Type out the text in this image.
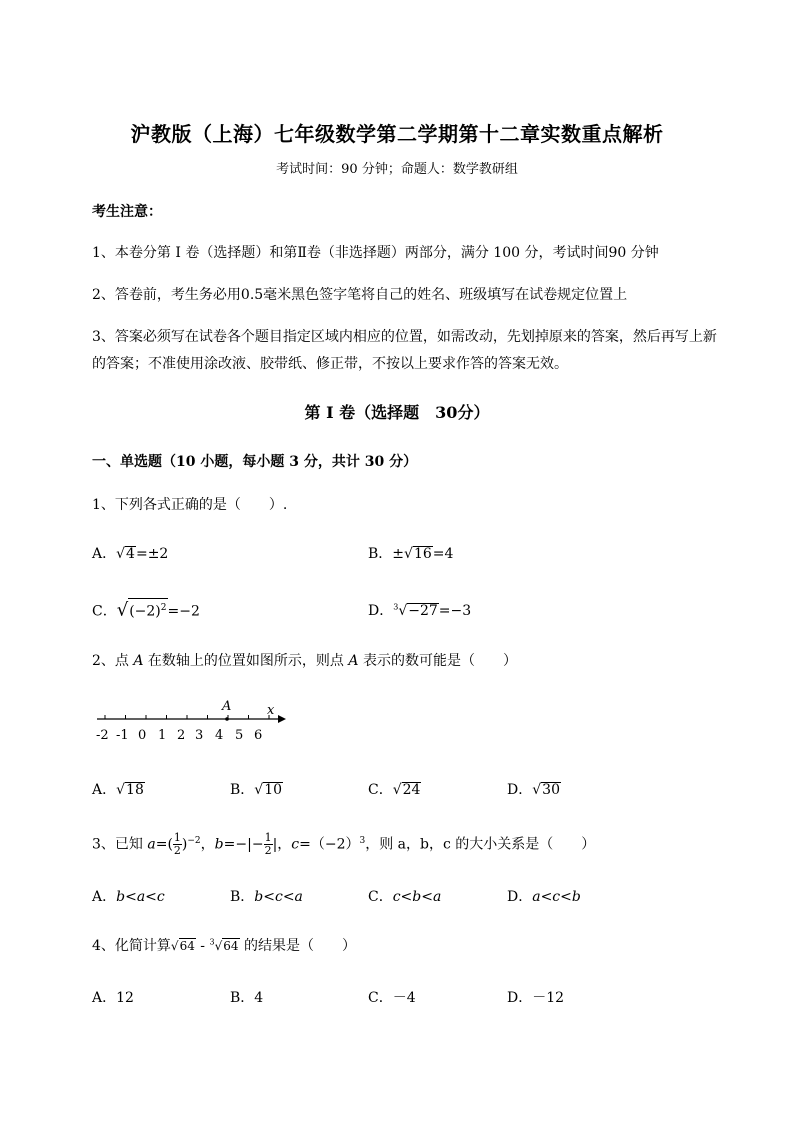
沪教版（上海）七年级数学第二学期第十二章实数重点解析
考试时间：90 分钟；命题人：数学教研组
考生注意：
1、本卷分第 I 卷（选择题）和第Ⅱ卷（非选择题）两部分，满分 100 分，考试时间90 分钟
2、答卷前，考生务必用0.5毫米黑色签字笔将自己的姓名、班级填写在试卷规定位置上
3、答案必须写在试卷各个题目指定区域内相应的位置，如需改动，先划掉原来的答案，然后再写上新
的答案；不准使用涂改液、胶带纸、修正带，不按以上要求作答的答案无效。
第 I 卷（选择题　30分）
一、单选题（10 小题，每小题 3 分，共计 30 分）
1、下列各式正确的是（　　）.
A．√4=±2	B．±√16=4
C．$√(-2)^2=-2$	D．$^3$√−27=−3
2、点 A 在数轴上的位置如图所示，则点 A 表示的数可能是（　　）
A	x
-2 -1 0 1 2 3 4 5 6
A．√18	B．√10	C．√24	D．√30
3、已知 $a=( \frac{1}{2} )^{-2}$，$b=-|- \frac{1}{2}$ |，$c=(-2)^3$，则 a，b，c 的大小关系是（　　）
A．b<a<c	B．b<c<a	C．c<b<a	D．a<c<b
4、化简计算√64 - $^3$√64 的结果是（　　）
A．12	B．4	C．－4	D．－12
